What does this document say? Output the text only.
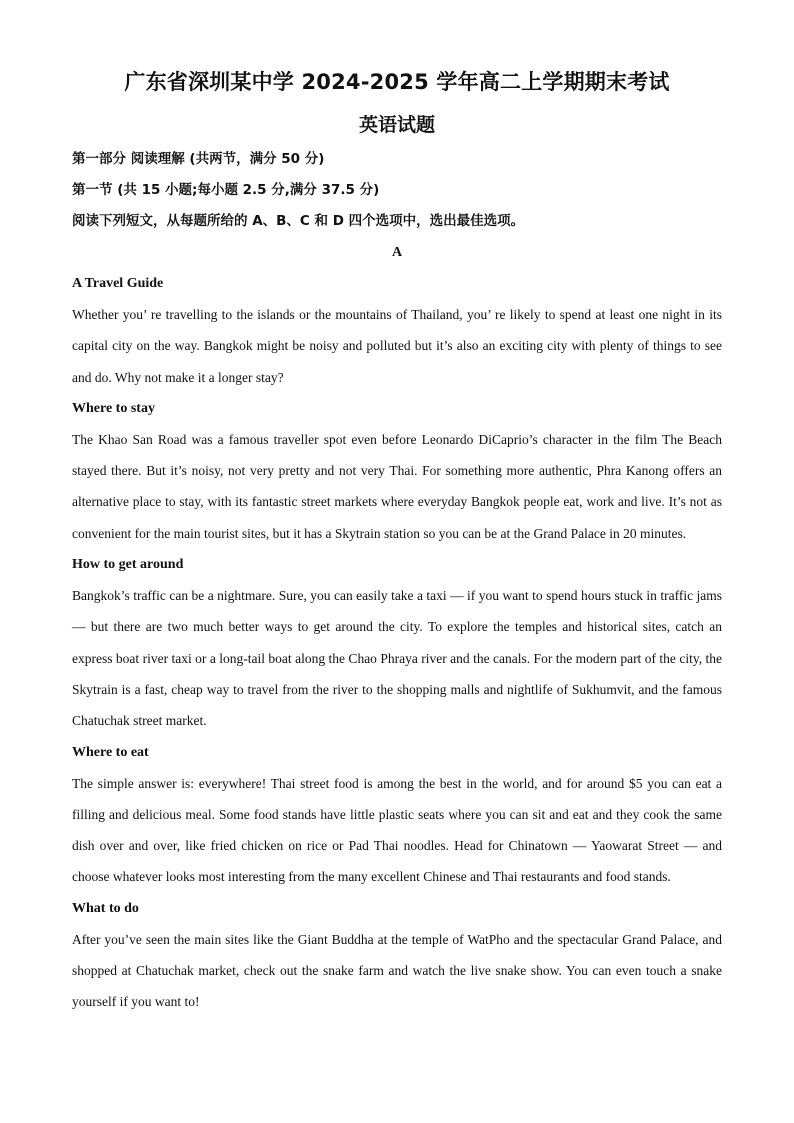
广东省深圳某中学 2024-2025 学年高二上学期期末考试
英语试题

第一部分 阅读理解 (共两节，满分 50 分)

第一节 (共 15 小题;每小题 2.5 分,满分 37.5 分)

阅读下列短文，从每题所给的 A、B、C 和 D 四个选项中，选出最佳选项。

A

A Travel Guide

Whether you’ re travelling to the islands or the mountains of Thailand, you’ re likely to spend at least one night in its capital city on the way. Bangkok might be noisy and polluted but it’s also an exciting city with plenty of things to see and do. Why not make it a longer stay?

Where to stay

The Khao San Road was a famous traveller spot even before Leonardo DiCaprio’s character in the film The Beach stayed there. But it’s noisy, not very pretty and not very Thai. For something more authentic, Phra Kanong offers an alternative place to stay, with its fantastic street markets where everyday Bangkok people eat, work and live. It’s not as convenient for the main tourist sites, but it has a Skytrain station so you can be at the Grand Palace in 20 minutes.

How to get around

Bangkok’s traffic can be a nightmare. Sure, you can easily take a taxi — if you want to spend hours stuck in traffic jams — but there are two much better ways to get around the city. To explore the temples and historical sites, catch an express boat river taxi or a long-tail boat along the Chao Phraya river and the canals. For the modern part of the city, the Skytrain is a fast, cheap way to travel from the river to the shopping malls and nightlife of Sukhumvit, and the famous Chatuchak street market.

Where to eat

The simple answer is: everywhere! Thai street food is among the best in the world, and for around $5 you can eat a filling and delicious meal. Some food stands have little plastic seats where you can sit and eat and they cook the same dish over and over, like fried chicken on rice or Pad Thai noodles. Head for Chinatown — Yaowarat Street — and choose whatever looks most interesting from the many excellent Chinese and Thai restaurants and food stands.

What to do

After you’ve seen the main sites like the Giant Buddha at the temple of WatPho and the spectacular Grand Palace, and shopped at Chatuchak market, check out the snake farm and watch the live snake show. You can even touch a snake yourself if you want to!
